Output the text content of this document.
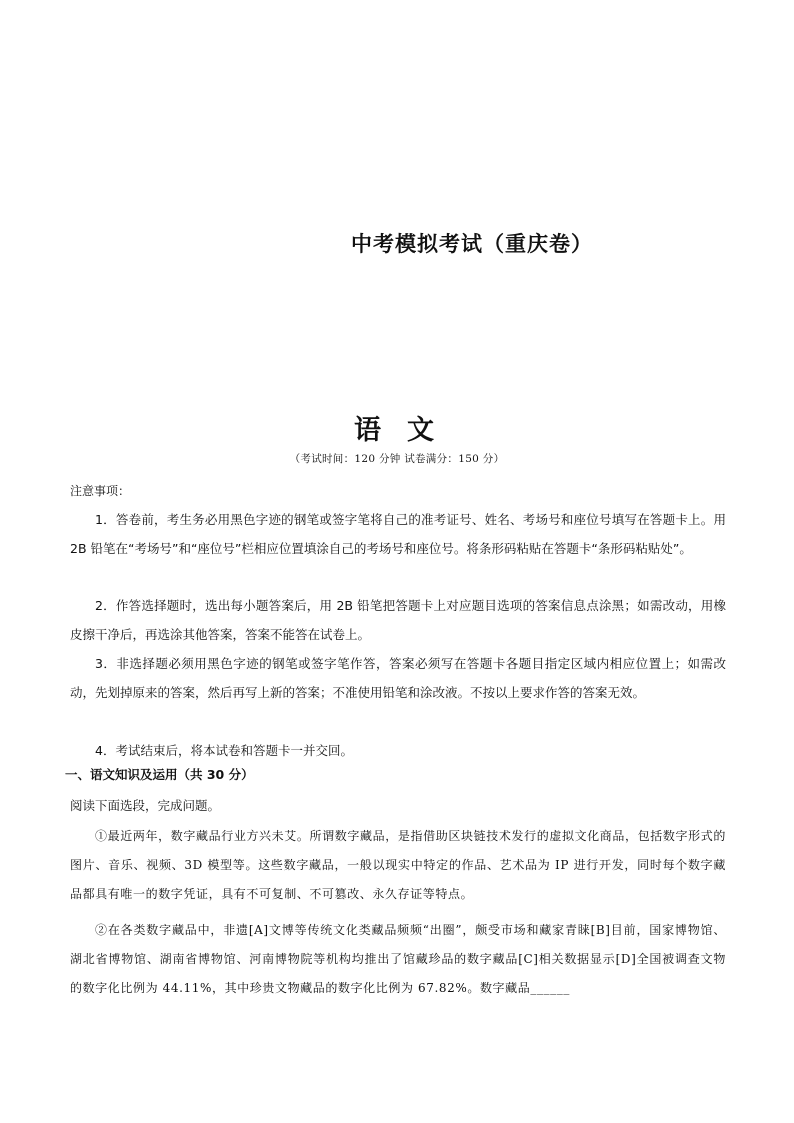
中考模拟考试（重庆卷）
语文
（考试时间：120 分钟 试卷满分：150 分）
注意事项：
1．答卷前，考生务必用黑色字迹的钢笔或签字笔将自己的准考证号、姓名、考场号和座位号填写在答题卡上。用 2B 铅笔在“考场号”和“座位号”栏相应位置填涂自己的考场号和座位号。将条形码粘贴在答题卡“条形码粘贴处”。
2．作答选择题时，选出每小题答案后，用 2B 铅笔把答题卡上对应题目选项的答案信息点涂黑；如需改动，用橡皮擦干净后，再选涂其他答案，答案不能答在试卷上。
3．非选择题必须用黑色字迹的钢笔或签字笔作答，答案必须写在答题卡各题目指定区域内相应位置上；如需改动，先划掉原来的答案，然后再写上新的答案；不准使用铅笔和涂改液。不按以上要求作答的答案无效。
4．考试结束后，将本试卷和答题卡一并交回。
一、语文知识及运用（共 30 分）
阅读下面选段，完成问题。
①最近两年，数字藏品行业方兴未艾。所谓数字藏品，是指借助区块链技术发行的虚拟文化商品，包括数字形式的图片、音乐、视频、3D 模型等。这些数字藏品，一般以现实中特定的作品、艺术品为 IP 进行开发，同时每个数字藏品都具有唯一的数字凭证，具有不可复制、不可篡改、永久存证等特点。
②在各类数字藏品中，非遗[A]文博等传统文化类藏品频频“出圈”，颇受市场和藏家青睐[B]目前，国家博物馆、湖北省博物馆、湖南省博物馆、河南博物院等机构均推出了馆藏珍品的数字藏品[C]相关数据显示[D]全国被调查文物的数字化比例为 44.11%，其中珍贵文物藏品的数字化比例为 67.82%。数字藏品______
